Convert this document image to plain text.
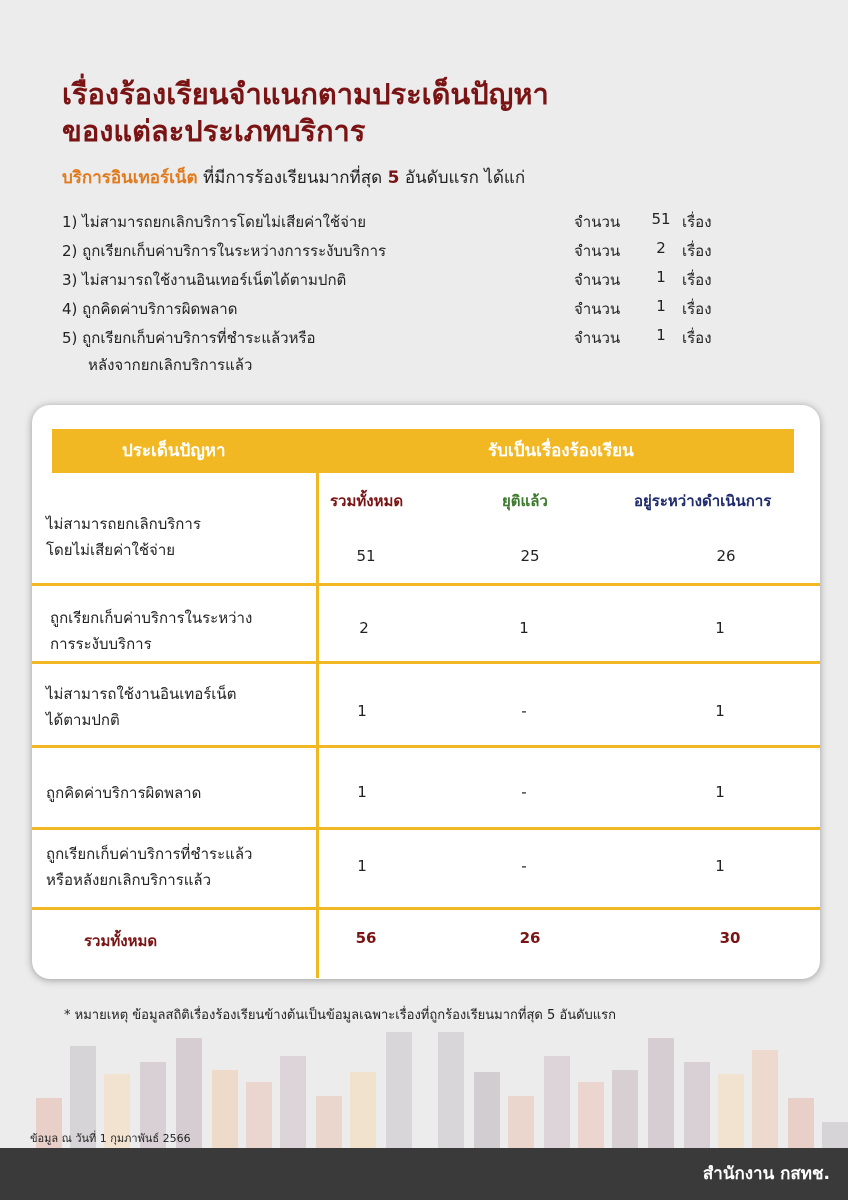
เรื่องร้องเรียนจำแนกตามประเด็นปัญหา
ของแต่ละประเภทบริการ
บริการอินเทอร์เน็ต ที่มีการร้องเรียนมากที่สุด 5 อันดับแรก ได้แก่
1) ไม่สามารถยกเลิกบริการโดยไม่เสียค่าใช้จ่าย	จำนวน	51 เรื่อง
2) ถูกเรียกเก็บค่าบริการในระหว่างการระงับบริการ	จำนวน	2	เรื่อง
3) ไม่สามารถใช้งานอินเทอร์เน็ตได้ตามปกติ	จำนวน	1	เรื่อง
4) ถูกคิดค่าบริการผิดพลาด	จำนวน	1	เรื่อง
5) ถูกเรียกเก็บค่าบริการที่ชำระแล้วหรือ
หลังจากยกเลิกบริการแล้ว
จำนวน	1	เรื่อง
ประเด็นปัญหา	รับเป็นเรื่องร้องเรียน
รวมทั้งหมด	ยุติแล้ว	อยู่ระหว่างดำเนินการ
ไม่สามารถยกเลิกบริการ
โดยไม่เสียค่าใช้จ่าย	51	25	26
ถูกเรียกเก็บค่าบริการในระหว่าง
การระงับบริการ
2	1	1
ไม่สามารถใช้งานอินเทอร์เน็ต
ได้ตามปกติ	1	-	1
ถูกคิดค่าบริการผิดพลาด	1	-	1
ถูกเรียกเก็บค่าบริการที่ชำระแล้ว
หรือหลังยกเลิกบริการแล้ว
1	-	1
รวมทั้งหมด	56	26	30
* หมายเหตุ ข้อมูลสถิติเรื่องร้องเรียนข้างต้นเป็นข้อมูลเฉพาะเรื่องที่ถูกร้องเรียนมากที่สุด 5 อันดับแรก
ข้อมูล ณ วันที่ 1 กุมภาพันธ์ 2566
สำนักงาน กสทช.
